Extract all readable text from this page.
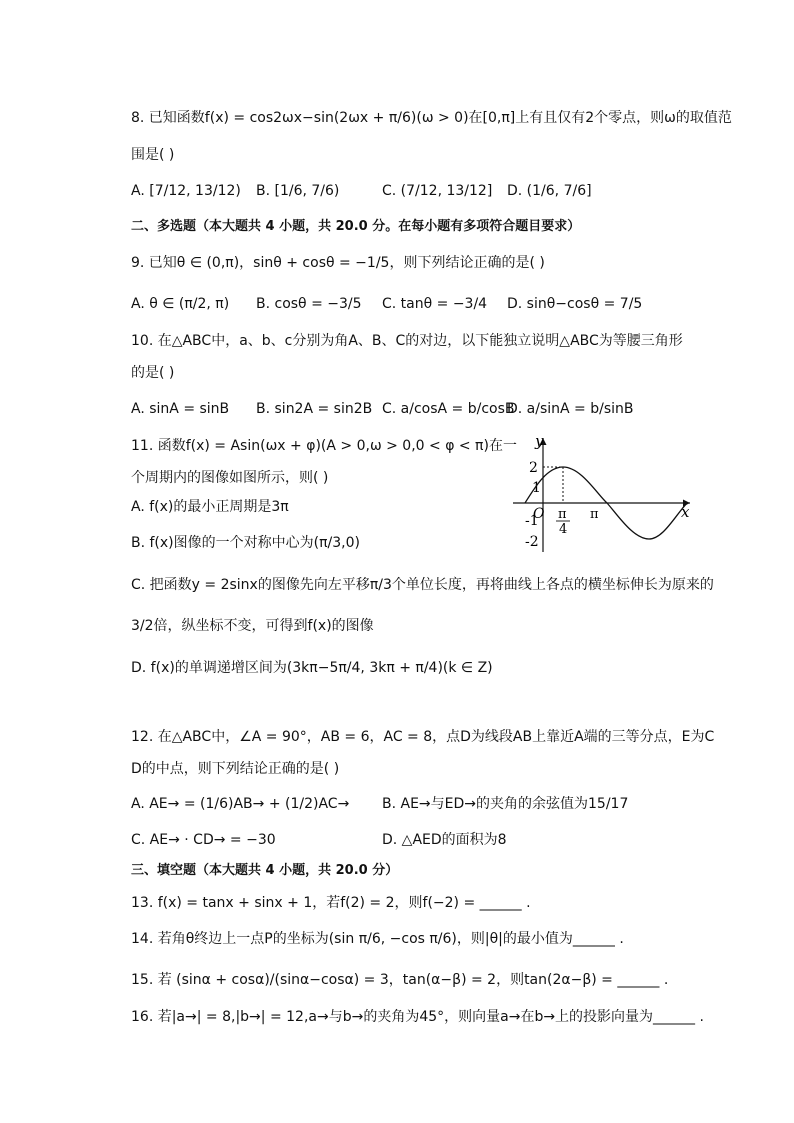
8. 已知函数f(x) = cos2ωx−sin(2ωx + π/6)(ω > 0)在[0,π]上有且仅有2个零点，则ω的取值范
围是( )
A. [7/12, 13/12) B. [1/6, 7/6)	C. (7/12, 13/12] D. (1/6, 7/6]
二、多选题（本大题共 4 小题，共 20.0 分。在每小题有多项符合题目要求）
9. 已知θ ∈ (0,π)，sinθ + cosθ = −1/5，则下列结论正确的是( )
A. θ ∈ (π/2, π) B. cosθ = −3/5 C. tanθ = −3/4 D. sinθ−cosθ = 7/5
10. 在△ABC中，a、b、c分别为角A、B、C的对边，以下能独立说明△ABC为等腰三角形
的是( )
A. sinA = sinB B. sin2A = sin2B C. a/cosA = b/cosB
D. a/sinA = b/sinB
11. 函数f(x) = Asin(ωx + φ)(A > 0,ω > 0,0 < φ < π)在一
个周期内的图像如图所示，则( )
A. f(x)的最小正周期是3π
B. f(x)图像的一个对称中心为(π/3,0)
C. 把函数y = 2sinx的图像先向左平移π/3个单位长度，再将曲线上各点的横坐标伸长为原来的
3/2倍，纵坐标不变，可得到f(x)的图像
D. f(x)的单调递增区间为(3kπ−5π/4, 3kπ + π/4)(k ∈ Z)
y
x
O
2
1
-1
-2
π
4
π
12. 在△ABC中，∠A = 90°，AB = 6，AC = 8，点D为线段AB上靠近A端的三等分点，E为C
D的中点，则下列结论正确的是( )
A. AE→ = (1/6)AB→ + (1/2)AC→ B. AE→与ED→的夹角的余弦值为15/17
C. AE→ · CD→ = −30	D. △AED的面积为8
三、填空题（本大题共 4 小题，共 20.0 分）
13. f(x) = tanx + sinx + 1，若f(2) = 2，则f(−2) = ______ .
14. 若角θ终边上一点P的坐标为(sin π/6, −cos π/6)，则|θ|的最小值为______ .
15. 若 (sinα + cosα)/(sinα−cosα) = 3，tan(α−β) = 2，则tan(2α−β) = ______ .
16. 若|a→| = 8,|b→| = 12,a→与b→的夹角为45°，则向量a→在b→上的投影向量为______ .
